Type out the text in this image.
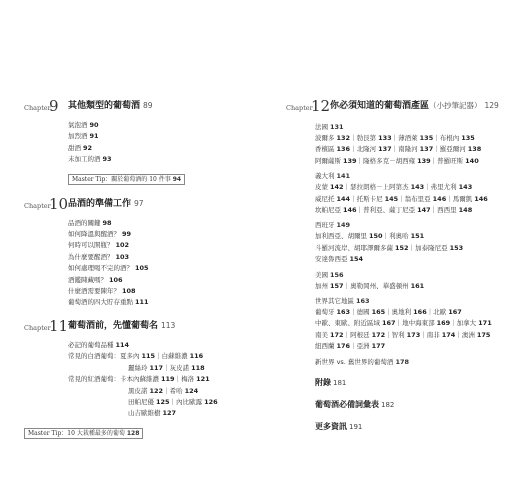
Chapter
9 其他類型的葡萄酒 89
氣泡酒 90
加烈酒 91
甜酒 92
未加工的酒 93
Master Tip：關於葡萄酒的 10 件事 94
Chapter
10 品酒的準備工作 97
品酒的關鍵 98
如何降溫與醒酒？ 99
何時可以開瓶？ 102
為什麼要醒酒？ 103
如何處理喝不完的酒？ 105
酒鑑陳藏嗎？ 106
什麼酒需要陳年？ 108
葡萄酒的四大貯存重點 111
Chapter
11 葡萄酒前，先懂葡萄名 113
必記的葡萄品種 114
常見的白酒葡萄：夏多內 115｜白蘇維濃 116
麗絲玲 117｜灰皮諾 118
常見的紅酒葡萄：卡本內蘇維濃 119｜梅洛 121
黑皮諾 122｜希哈 124
田帕尼優 125｜內比歐露 126
山吉歐維樹 127
Master Tip：10 大栽種最多的葡萄 128
Chapter
12 你必須知道的葡萄酒產區（小抄筆記器） 129
法國 131
波爾多 132｜勃艮第 133｜薄酒萊 135｜布根內 135
香檳區 136｜北隆河 137｜南隆河 137｜羅亞爾河 138
阿爾薩斯 139｜隆格多克－胡西雍 139｜普羅旺斯 140
義大利 141
皮蒙 142｜瑟拉朗格－上阿第杰 143｜弗里尤利 143
威尼托 144｜托斯卡尼 145｜翁布里亞 146｜馬爾凱 146
坎帕尼亞 146｜普利亞、薩丁尼亞 147｜西西里 148
西班牙 149
加利西亞、胡爾里 150｜利奧哈 151
斗羅河流岸、胡耶澤爾多薩 152｜加泰隆尼亞 153
安達魯西亞 154
美國 156
加州 157｜奧勒岡州、華盛頓州 161
世界其它地區 163
葡萄牙 163｜德國 165｜奧地利 166｜北歐 167
中歐、東歐、附近區域 167｜地中海東部 169｜加拿大 171
南美 172｜阿根廷 172｜智利 173｜南非 174｜澳洲 175
紐西蘭 176｜亞洲 177
新世界 vs. 舊世界的葡萄酒 178
附錄 181
葡萄酒必備詞彙表 182
更多資訊 191
